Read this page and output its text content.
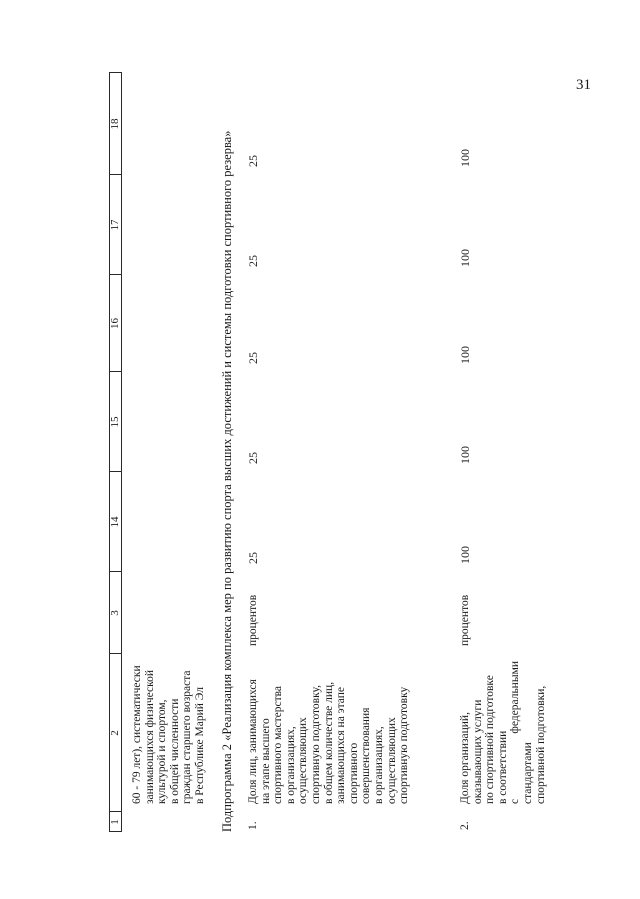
31
1
2
3
14
15
16
17
18
60 - 79 лет), систематически занимающихся физической культурой и спортом, в общей численности граждан старшего возраста в Республике Марий Эл Подпрограмма 2 «Реализация комплекса мер по развитию спорта высших достижений и системы подготовки спортивного резерва» 1.
Доля лиц, занимающихся на этапе высшего спортивного мастерства в организациях, осуществляющих спортивную подготовку, в общем количестве лиц, занимающихся на этапе спортивного совершенствования в организациях, осуществляющих спортивную подготовку
процентов
25
25
25
25
25
2.
Доля организаций, оказывающих услуги по спортивной подготовке в соответствии с федеральными стандартами спортивной подготовки,
процентов
100
100
100
100
100
